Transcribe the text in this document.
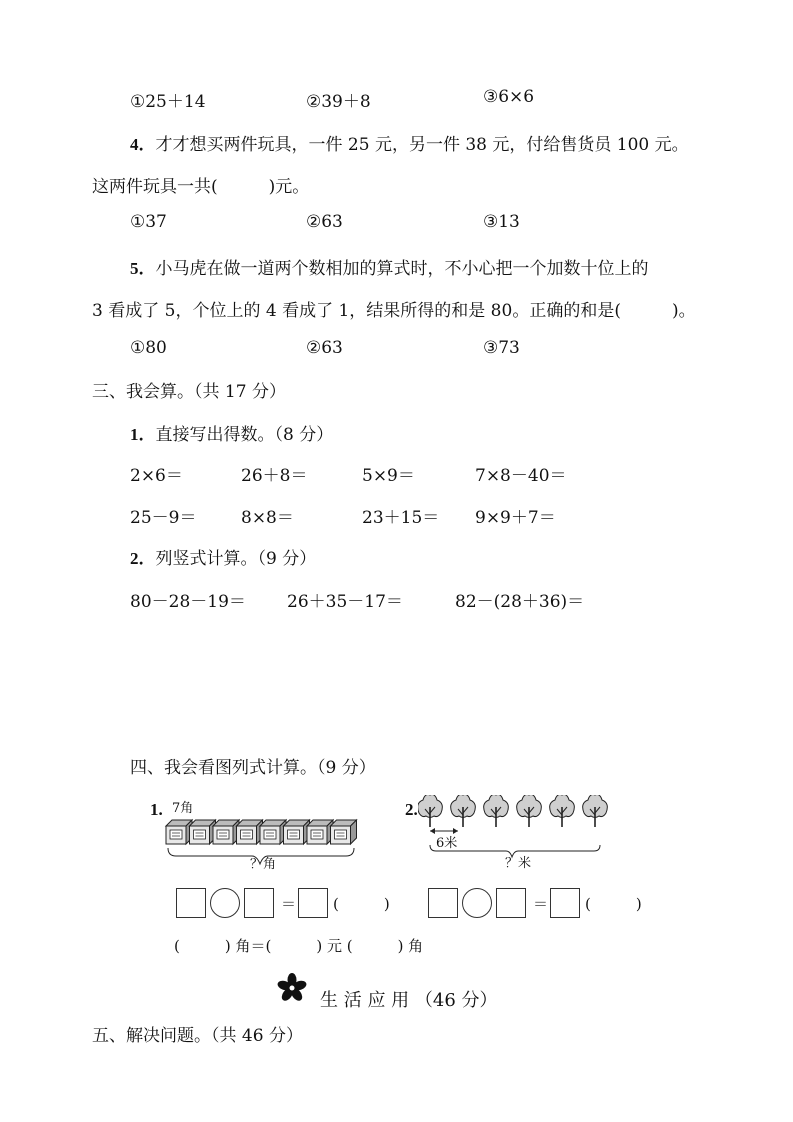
①25＋14	②39＋8	③6×6
4．才才想买两件玩具，一件 25 元，另一件 38 元，付给售货员 100 元。
这两件玩具一共(　　　)元。
①37	②63	③13
5．小马虎在做一道两个数相加的算式时，不小心把一个加数十位上的
3 看成了 5，个位上的 4 看成了 1，结果所得的和是 80。正确的和是(　　　)。
①80	②63	③73
三、我会算。（共 17 分）
1．直接写出得数。（8 分）
2×6＝	26＋8＝	5×9＝	7×8－40＝
25－9＝	8×8＝	23＋15＝ 9×9＋7＝
2．列竖式计算。（9 分）
80－28－19＝ 26＋35－17＝	82－(28＋36)＝
四、我会看图列式计算。（9 分）
1. 7角
？角
2.
6米
？米
＝ (　　　)	＝ (　　　)
(　　　) 角＝(　　　) 元 (　　　) 角
生 活 应 用 （46 分）
五、解决问题。（共 46 分）
